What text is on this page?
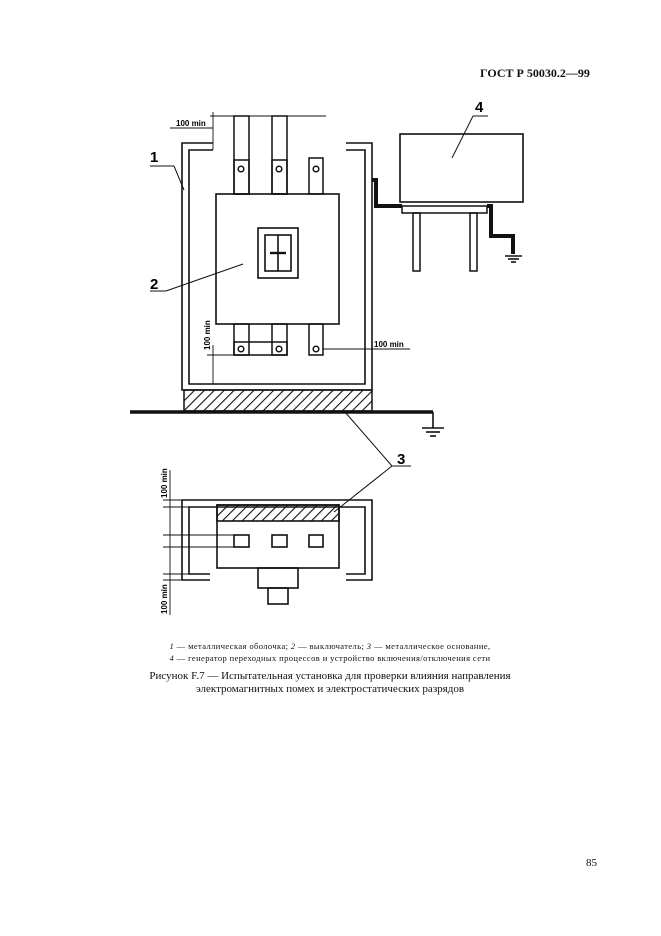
ГОСТ Р 50030.2—99
1
2
4
3
100 min
100 min
100 min
100 min
100 min
1 — металлическая оболочка; 2 — выключатель; 3 — металлическое основание,
4 — генератор переходных процессов и устройство включения/отключения сети
Рисунок F.7 — Испытательная установка для проверки влияния направления
электромагнитных помех и электростатических разрядов
85
